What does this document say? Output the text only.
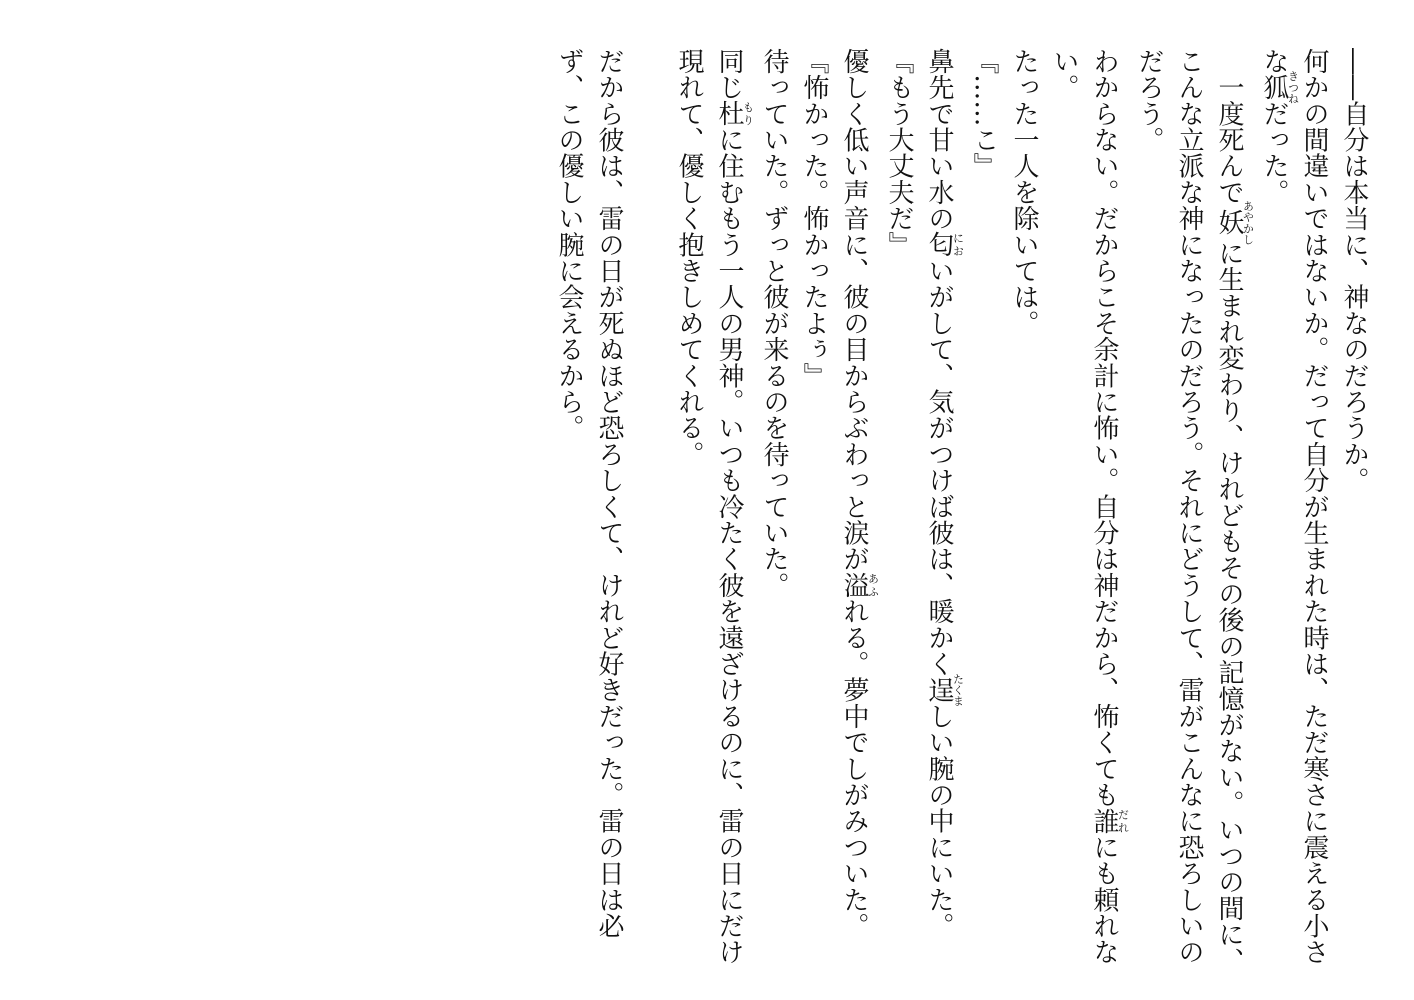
――自分は本当に、神なのだろうか。

何かの間違いではないか。だって自分が生まれた時は、ただ寒さに震える小さな狐きつねだった。

　一度死んで妖あやかしに生まれ変わり、けれどもその後の記憶がない。いつの間に、こんな立派な神になったのだろう。それにどうして、雷がこんなに恐ろしいのだろう。

わからない。だからこそ余計に怖い。自分は神だから、怖くても誰だれにも頼れない。

たった一人を除いては。

『……こ』

鼻先で甘い水の匂においがして、気がつけば彼は、暖かく逞たくましい腕の中にいた。

『もう大丈夫だ』

優しく低い声音に、彼の目からぶわっと涙が溢あふれる。夢中でしがみついた。

『怖かった。怖かったよぅ』

待っていた。ずっと彼が来るのを待っていた。

同じ杜もりに住むもう一人の男神。いつも冷たく彼を遠ざけるのに、雷の日にだけ現れて、優しく抱きしめてくれる。

だから彼は、雷の日が死ぬほど恐ろしくて、けれど好きだった。雷の日は必ず、この優しい腕に会えるから。
